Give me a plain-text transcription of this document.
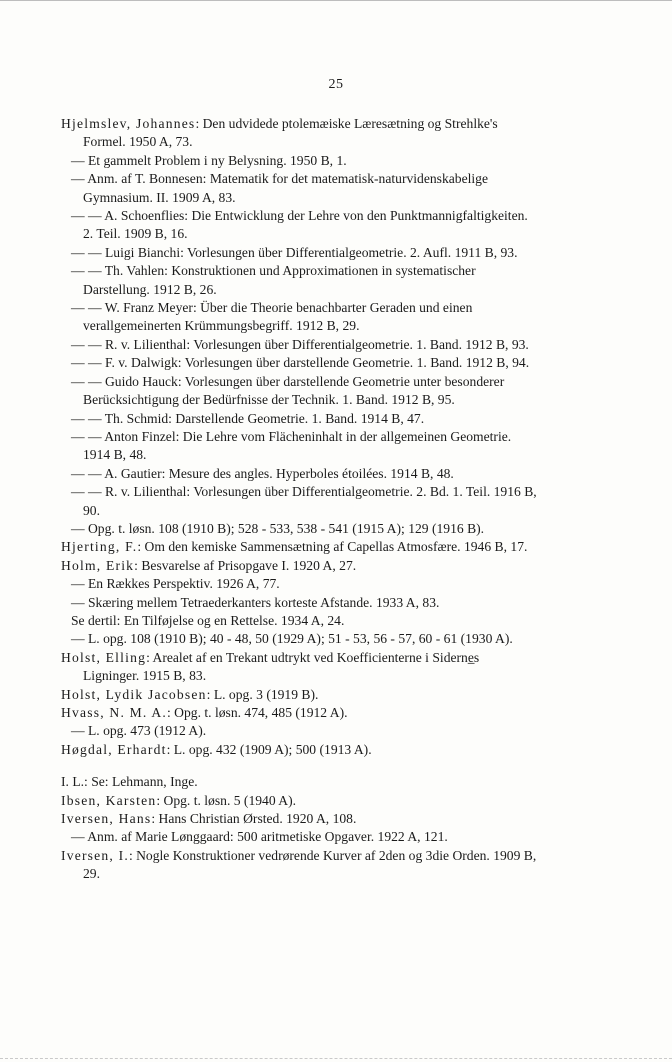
25
Hjelmslev, Johannes: Den udvidede ptolemæiske Læresætning og Strehlke's Formel. 1950 A, 73.
— Et gammelt Problem i ny Belysning. 1950 B, 1.
— Anm. af T. Bonnesen: Matematik for det matematisk-naturvidenskabelige Gymnasium. II. 1909 A, 83.
— — A. Schoenflies: Die Entwicklung der Lehre von den Punktmannigfaltigkeiten. 2. Teil. 1909 B, 16.
— — Luigi Bianchi: Vorlesungen über Differentialgeometrie. 2. Aufl. 1911 B, 93.
— — Th. Vahlen: Konstruktionen und Approximationen in systematischer Darstellung. 1912 B, 26.
— — W. Franz Meyer: Über die Theorie benachbarter Geraden und einen verallgemeinerten Krümmungsbegriff. 1912 B, 29.
— — R. v. Lilienthal: Vorlesungen über Differentialgeometrie. 1. Band. 1912 B, 93.
— — F. v. Dalwigk: Vorlesungen über darstellende Geometrie. 1. Band. 1912 B, 94.
— — Guido Hauck: Vorlesungen über darstellende Geometrie unter besonderer Berücksichtigung der Bedürfnisse der Technik. 1. Band. 1912 B, 95.
— — Th. Schmid: Darstellende Geometrie. 1. Band. 1914 B, 47.
— — Anton Finzel: Die Lehre vom Flächeninhalt in der allgemeinen Geometrie. 1914 B, 48.
— — A. Gautier: Mesure des angles. Hyperboles étoilées. 1914 B, 48.
— — R. v. Lilienthal: Vorlesungen über Differentialgeometrie. 2. Bd. 1. Teil. 1916 B, 90.
— Opg. t. løsn. 108 (1910 B); 528 - 533, 538 - 541 (1915 A); 129 (1916 B).
Hjerting, F.: Om den kemiske Sammensætning af Capellas Atmosfære. 1946 B, 17.
Holm, Erik: Besvarelse af Prisopgave I. 1920 A, 27.
— En Rækkes Perspektiv. 1926 A, 77.
— Skæring mellem Tetraederkanters korteste Afstande. 1933 A, 83.
Se dertil: En Tilføjelse og en Rettelse. 1934 A, 24.
— L. opg. 108 (1910 B); 40 - 48, 50 (1929 A); 51 - 53, 56 - 57, 60 - 61 (1930 A).
Holst, Elling: Arealet af en Trekant udtrykt ved Koefficienterne i Siderne̲s Ligninger. 1915 B, 83.
Holst, Lydik Jacobsen: L. opg. 3 (1919 B).
Hvass, N. M. A.: Opg. t. løsn. 474, 485 (1912 A).
— L. opg. 473 (1912 A).
Høgdal, Erhardt: L. opg. 432 (1909 A); 500 (1913 A).
I. L.: Se: Lehmann, Inge.
Ibsen, Karsten: Opg. t. løsn. 5 (1940 A).
Iversen, Hans: Hans Christian Ørsted. 1920 A, 108.
— Anm. af Marie Lønggaard: 500 aritmetiske Opgaver. 1922 A, 121.
Iversen, I.: Nogle Konstruktioner vedrørende Kurver af 2den og 3die Orden. 1909 B, 29.
